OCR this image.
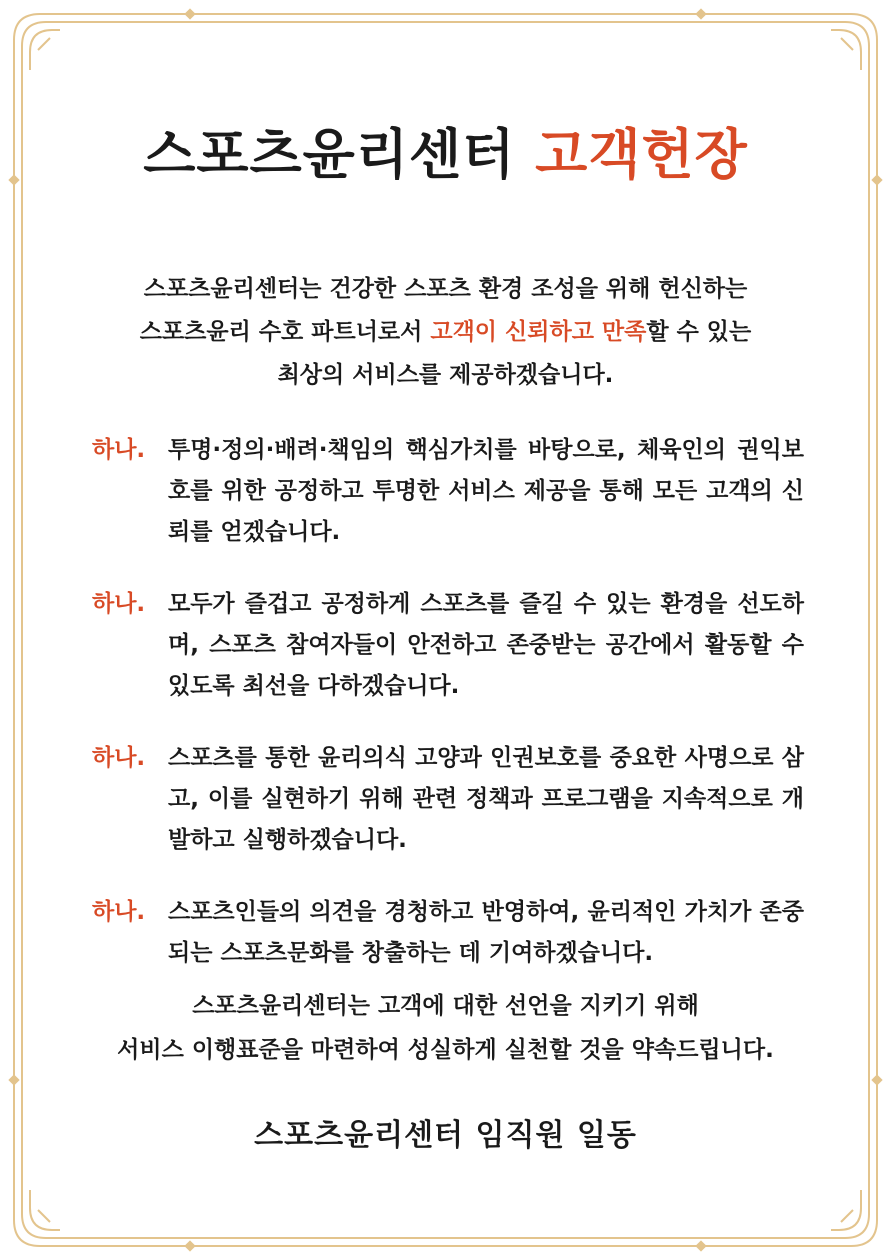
스포츠윤리센터 고객헌장
스포츠윤리센터는 건강한 스포츠 환경 조성을 위해 헌신하는
스포츠윤리 수호 파트너로서 고객이 신뢰하고 만족할 수 있는
최상의 서비스를 제공하겠습니다.
하나. 투명·정의·배려·책임의 핵심가치를 바탕으로, 체육인의 권익보호를 위한 공정하고 투명한 서비스 제공을 통해 모든 고객의 신뢰를 얻겠습니다.
하나. 모두가 즐겁고 공정하게 스포츠를 즐길 수 있는 환경을 선도하며, 스포츠 참여자들이 안전하고 존중받는 공간에서 활동할 수 있도록 최선을 다하겠습니다.
하나. 스포츠를 통한 윤리의식 고양과 인권보호를 중요한 사명으로 삼고, 이를 실현하기 위해 관련 정책과 프로그램을 지속적으로 개발하고 실행하겠습니다.
하나. 스포츠인들의 의견을 경청하고 반영하여, 윤리적인 가치가 존중되는 스포츠문화를 창출하는 데 기여하겠습니다.
스포츠윤리센터는 고객에 대한 선언을 지키기 위해
서비스 이행표준을 마련하여 성실하게 실천할 것을 약속드립니다.
스포츠윤리센터 임직원 일동
